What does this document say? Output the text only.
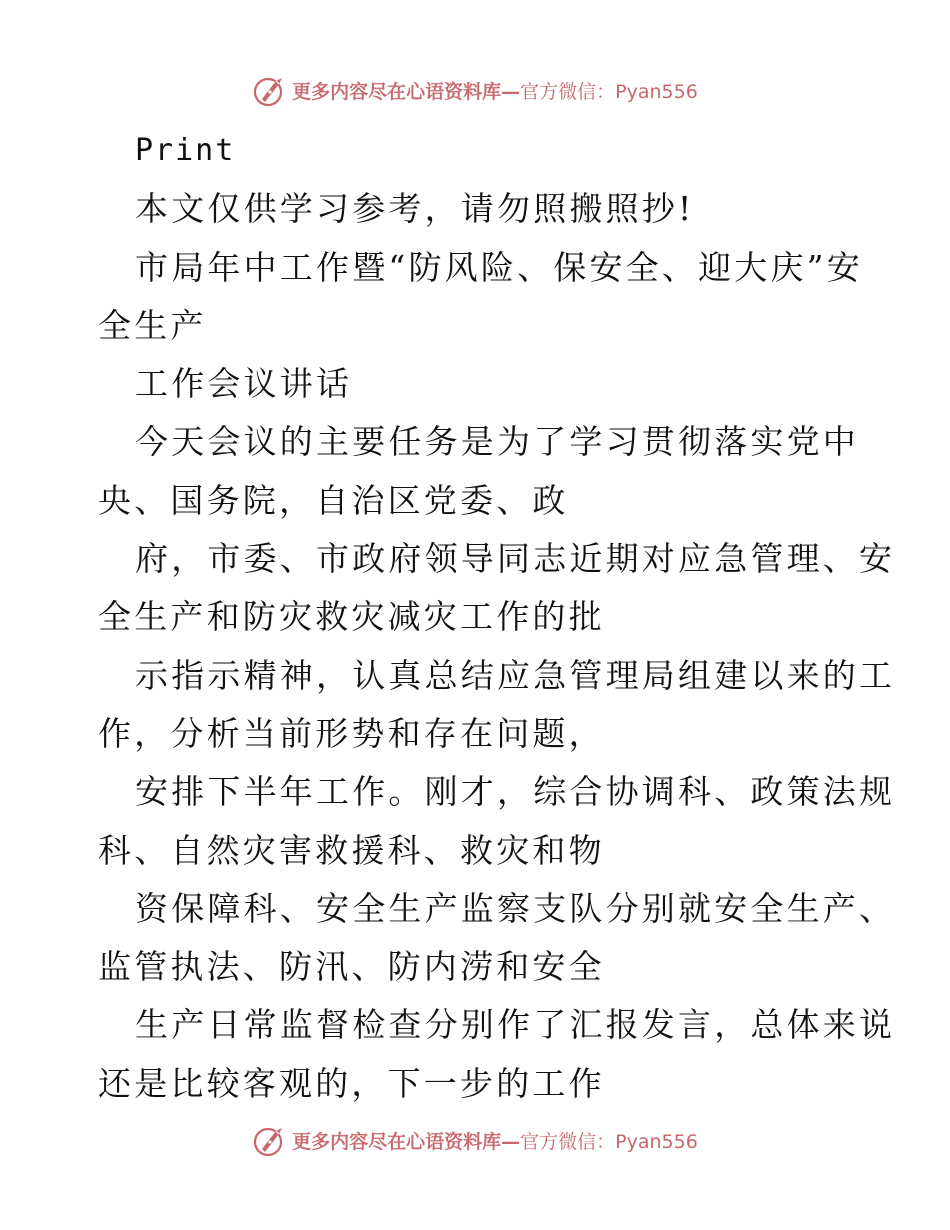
更多内容尽在心语资料库— 官方微信：Pyan556
Print
本文仅供学习参考，请勿照搬照抄!
市局年中工作暨“防风险、保安全、迎大庆”安
全生产
工作会议讲话
今天会议的主要任务是为了学习贯彻落实党中
央、国务院，自治区党委、政
府，市委、市政府领导同志近期对应急管理、安
全生产和防灾救灾减灾工作的批
示指示精神，认真总结应急管理局组建以来的工
作，分析当前形势和存在问题，
安排下半年工作。刚才，综合协调科、政策法规
科、自然灾害救援科、救灾和物
资保障科、安全生产监察支队分别就安全生产、
监管执法、防汛、防内涝和安全
生产日常监督检查分别作了汇报发言，总体来说
还是比较客观的，下一步的工作
更多内容尽在心语资料库— 官方微信：Pyan556
